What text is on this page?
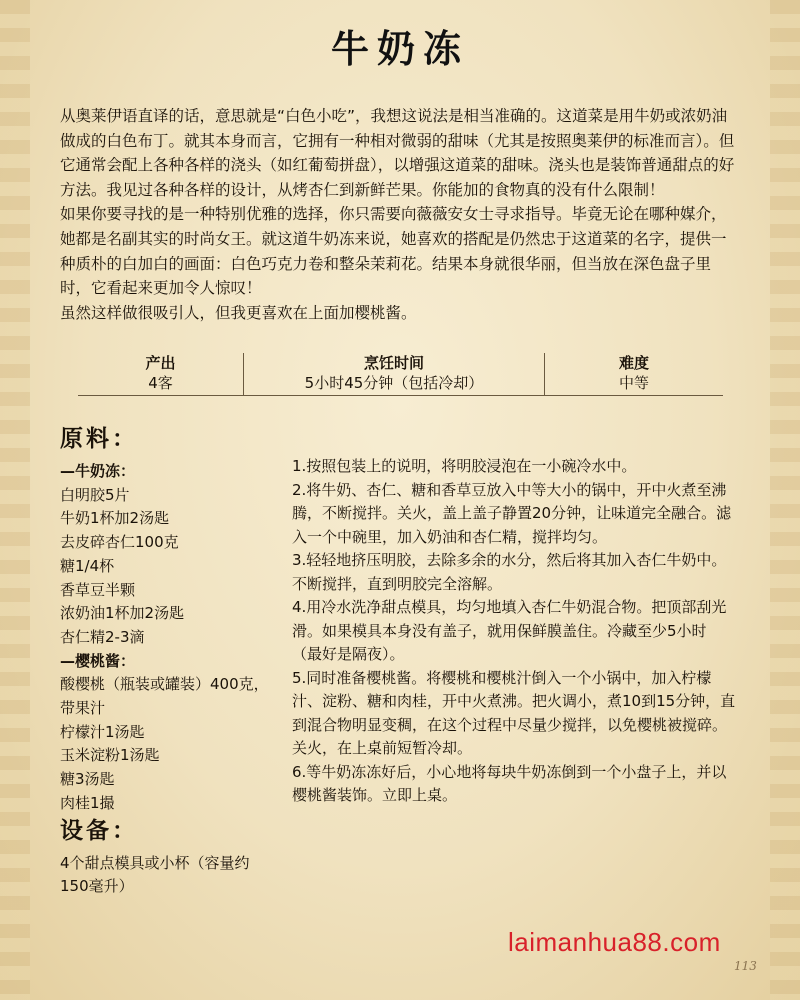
牛奶冻

从奥莱伊语直译的话，意思就是“白色小吃”，我想这说法是相当准确的。这道菜是用牛奶或浓奶油做成的白色布丁。就其本身而言，它拥有一种相对微弱的甜味（尤其是按照奥莱伊的标准而言）。但它通常会配上各种各样的浇头（如红葡萄拼盘），以增强这道菜的甜味。浇头也是装饰普通甜点的好方法。我见过各种各样的设计，从烤杏仁到新鲜芒果。你能加的食物真的没有什么限制！

如果你要寻找的是一种特别优雅的选择，你只需要向薇薇安女士寻求指导。毕竟无论在哪种媒介，她都是名副其实的时尚女王。就这道牛奶冻来说，她喜欢的搭配是仍然忠于这道菜的名字，提供一种质朴的白加白的画面：白色巧克力卷和整朵茉莉花。结果本身就很华丽，但当放在深色盘子里时，它看起来更加令人惊叹！

虽然这样做很吸引人，但我更喜欢在上面加樱桃酱。

产出
4客
烹饪时间
5小时45分钟（包括冷却）
难度
中等
原料：
—牛奶冻：
白明胶5片
牛奶1杯加2汤匙
去皮碎杏仁100克
糖1/4杯
香草豆半颗
浓奶油1杯加2汤匙
杏仁精2-3滴
—樱桃酱：
酸樱桃（瓶装或罐装）400克，带果汁
柠檬汁1汤匙
玉米淀粉1汤匙
糖3汤匙
肉桂1撮

1.按照包装上的说明，将明胶浸泡在一小碗冷水中。

2.将牛奶、杏仁、糖和香草豆放入中等大小的锅中，开中火煮至沸腾，不断搅拌。关火，盖上盖子静置20分钟，让味道完全融合。滤入一个中碗里，加入奶油和杏仁精，搅拌均匀。

3.轻轻地挤压明胶，去除多余的水分，然后将其加入杏仁牛奶中。不断搅拌，直到明胶完全溶解。

4.用冷水洗净甜点模具，均匀地填入杏仁牛奶混合物。把顶部刮光滑。如果模具本身没有盖子，就用保鲜膜盖住。冷藏至少5小时（最好是隔夜）。

5.同时准备樱桃酱。将樱桃和樱桃汁倒入一个小锅中，加入柠檬汁、淀粉、糖和肉桂，开中火煮沸。把火调小，煮10到15分钟，直到混合物明显变稠，在这个过程中尽量少搅拌，以免樱桃被搅碎。关火，在上桌前短暂冷却。

6.等牛奶冻冻好后，小心地将每块牛奶冻倒到一个小盘子上，并以樱桃酱装饰。立即上桌。

设备：
4个甜点模具或小杯（容量约150毫升）
laimanhua88.com
113
